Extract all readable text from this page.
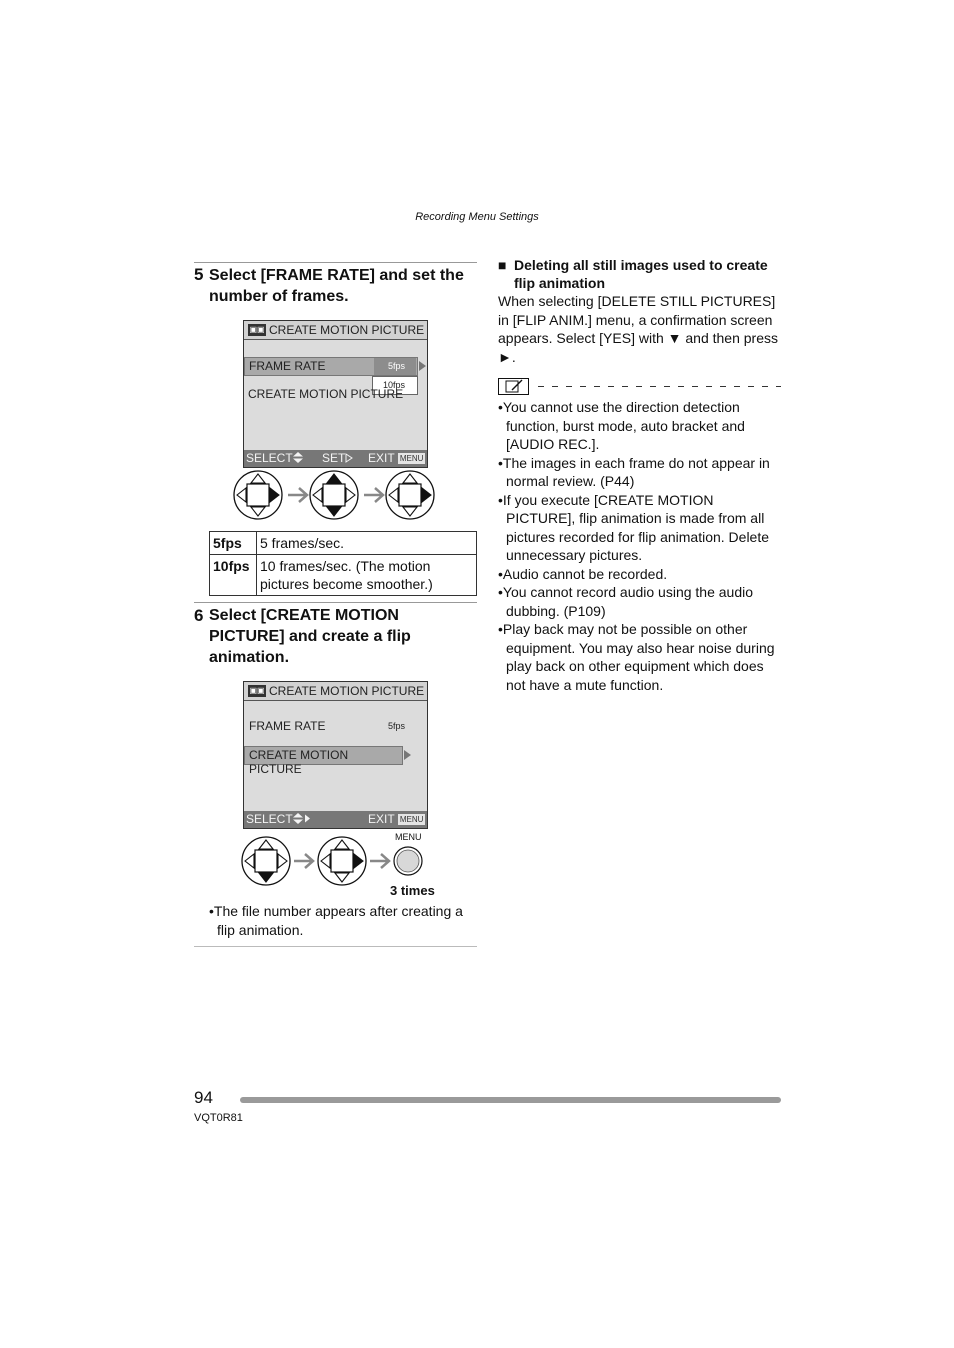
Recording Menu Settings
5 Select [FRAME RATE] and set the number of frames.
▣▣ CREATE MOTION PICTURE
FRAME RATE	5fps
10fps
CREATE MOTION PICTURE
SELECT	SET	EXIT MENU
5fps	5 frames/sec.
10fps	10 frames/sec. (The motion pictures become smoother.)
6 Select [CREATE MOTION PICTURE] and create a flip animation.
▣▣ CREATE MOTION PICTURE
FRAME RATE	5fps
CREATE MOTION PICTURE
SELECT	EXIT MENU
MENU
3 times
•The file number appears after creating a flip animation.
■ Deleting all still images used to create flip animation
When selecting [DELETE STILL PICTURES] in [FLIP ANIM.] menu, a confirmation screen appears. Select [YES] with ▼ and then press ►.
•You cannot use the direction detection function, burst mode, auto bracket and [AUDIO REC.].
•The images in each frame do not appear in normal review. (P44)
•If you execute [CREATE MOTION PICTURE], flip animation is made from all pictures recorded for flip animation. Delete unnecessary pictures.
•Audio cannot be recorded.
•You cannot record audio using the audio dubbing. (P109)
•Play back may not be possible on other equipment. You may also hear noise during play back on other equipment which does not have a mute function.
94
VQT0R81
